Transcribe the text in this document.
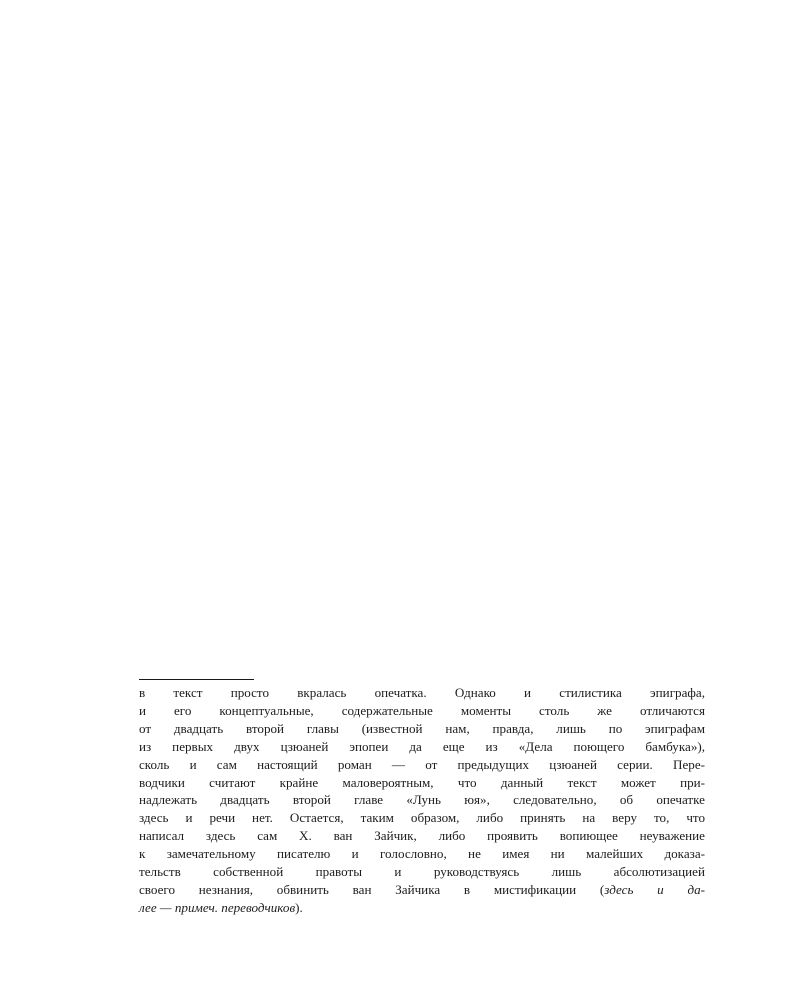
в текст просто вкралась опечатка. Однако и стилистика эпиграфа,
и его концептуальные, содержательные моменты столь же отличаются
от двадцать второй главы (известной нам, правда, лишь по эпиграфам
из первых двух цзюаней эпопеи да еще из «Дела поющего бамбука»),
сколь и сам настоящий роман — от предыдущих цзюаней серии. Пере-
водчики считают крайне маловероятным, что данный текст может при-
надлежать двадцать второй главе «Лунь юя», следовательно, об опечатке
здесь и речи нет. Остается, таким образом, либо принять на веру то, что
написал здесь сам Х. ван Зайчик, либо проявить вопиющее неуважение
к замечательному писателю и голословно, не имея ни малейших доказа-
тельств собственной правоты и руководствуясь лишь абсолютизацией
своего незнания, обвинить ван Зайчика в мистификации (здесь и да-
лее — примеч. переводчиков).
